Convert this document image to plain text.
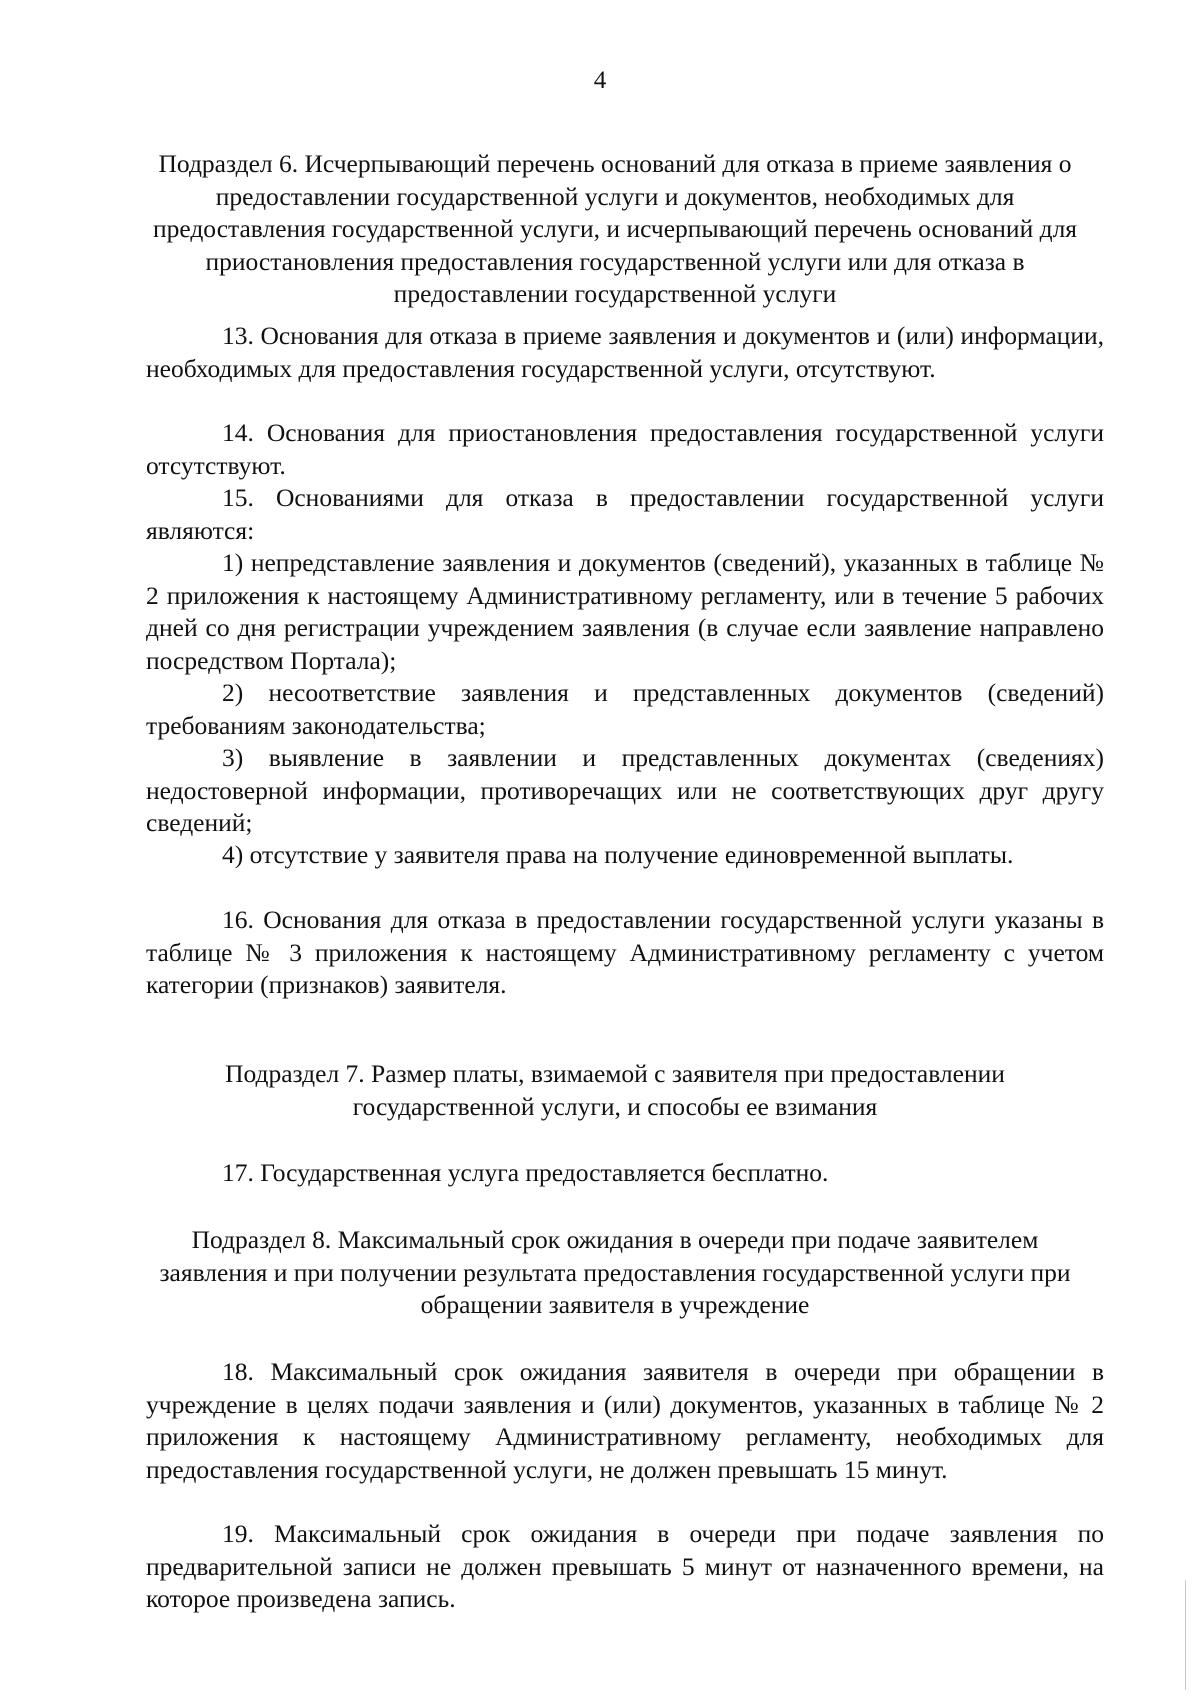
4
Подраздел 6. Исчерпывающий перечень оснований для отказа в приеме заявления о предоставлении государственной услуги и документов, необходимых для предоставления государственной услуги, и исчерпывающий перечень оснований для приостановления предоставления государственной услуги или для отказа в предоставлении государственной услуги
13. Основания для отказа в приеме заявления и документов и (или) информации, необходимых для предоставления государственной услуги, отсутствуют.
14. Основания для приостановления предоставления государственной услуги отсутствуют.
15. Основаниями для отказа в предоставлении государственной услуги являются:
1) непредставление заявления и документов (сведений), указанных в таблице № 2 приложения к настоящему Административному регламенту, или в течение 5 рабочих дней со дня регистрации учреждением заявления (в случае если заявление направлено посредством Портала);
2) несоответствие заявления и представленных документов (сведений) требованиям законодательства;
3) выявление в заявлении и представленных документах (сведениях) недостоверной информации, противоречащих или не соответствующих друг другу сведений;
4) отсутствие у заявителя права на получение единовременной выплаты.
16. Основания для отказа в предоставлении государственной услуги указаны в таблице № 3 приложения к настоящему Административному регламенту с учетом категории (признаков) заявителя.
Подраздел 7. Размер платы, взимаемой с заявителя при предоставлении государственной услуги, и способы ее взимания
17. Государственная услуга предоставляется бесплатно.
Подраздел 8. Максимальный срок ожидания в очереди при подаче заявителем заявления и при получении результата предоставления государственной услуги при обращении заявителя в учреждение
18. Максимальный срок ожидания заявителя в очереди при обращении в учреждение в целях подачи заявления и (или) документов, указанных в таблице № 2 приложения к настоящему Административному регламенту, необходимых для предоставления государственной услуги, не должен превышать 15 минут.
19. Максимальный срок ожидания в очереди при подаче заявления по предварительной записи не должен превышать 5 минут от назначенного времени, на которое произведена запись.
